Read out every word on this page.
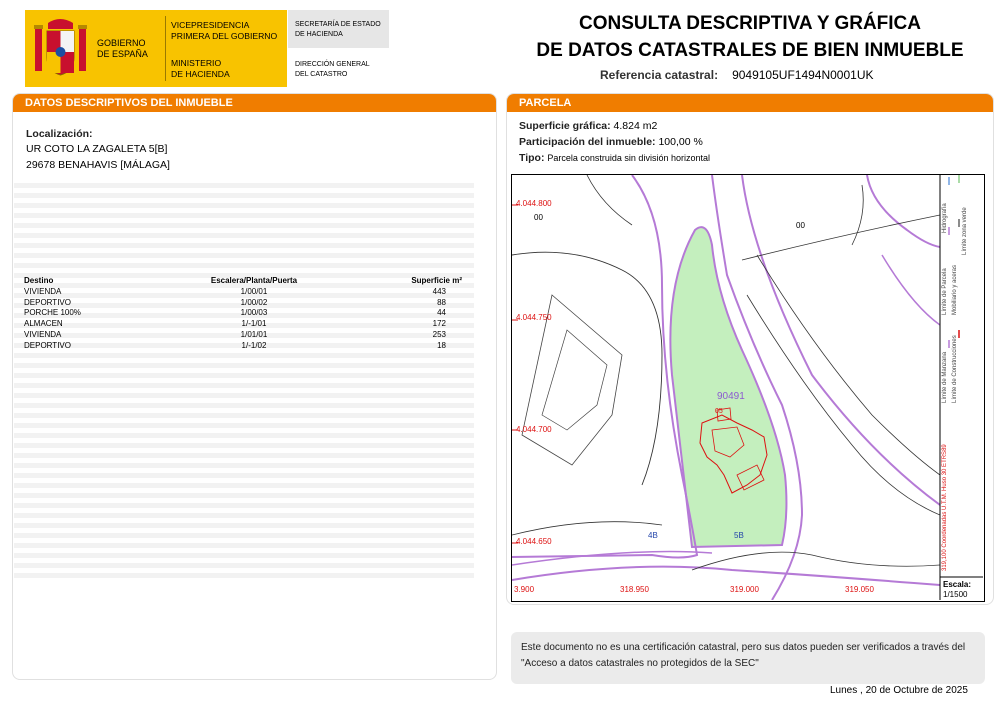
GOBIERNO
DE ESPAÑA
VICEPRESIDENCIA
PRIMERA DEL GOBIERNO
MINISTERIO
DE HACIENDA
SECRETARÍA DE ESTADO
DE HACIENDA
DIRECCIÓN GENERAL
DEL CATASTRO
CONSULTA DESCRIPTIVA Y GRÁFICA
DE DATOS CATASTRALES DE BIEN INMUEBLE
Referencia catastral: 9049105UF1494N0001UK
DATOS DESCRIPTIVOS DEL INMUEBLE
Localización:
UR COTO LA ZAGALETA 5[B]
29678 BENAHAVIS [MÁLAGA]
Destino	Escalera/Planta/Puerta	Superficie m²
VIVIENDA	1/00/01	443
DEPORTIVO	1/00/02	88
PORCHE 100%	1/00/03	44
ALMACEN	1/-1/01	172
VIVIENDA	1/01/01	253
DEPORTIVO	1/-1/02	18
PARCELA
Superficie gráfica: 4.824 m2
Participación del inmueble: 100,00 %
Tipo: Parcela construida sin división horizontal
4.044.800
4.044.750
4.044.700
4.044.650
3.900	318.950	319.000	319.050
00
00
90491
05
4B	5B
Límite de Manzana
Límite de Parcela
Límite de Construcciones
Mobiliario y aceras
Límite zona verde
Hidrografía
319,100 Coordenadas U.T.M. Huso 30 ETRS89
Escala:
1/1500
Este documento no es una certificación catastral, pero sus datos pueden ser verificados a través del "Acceso a datos catastrales no protegidos de la SEC"
Lunes , 20 de Octubre de 2025
